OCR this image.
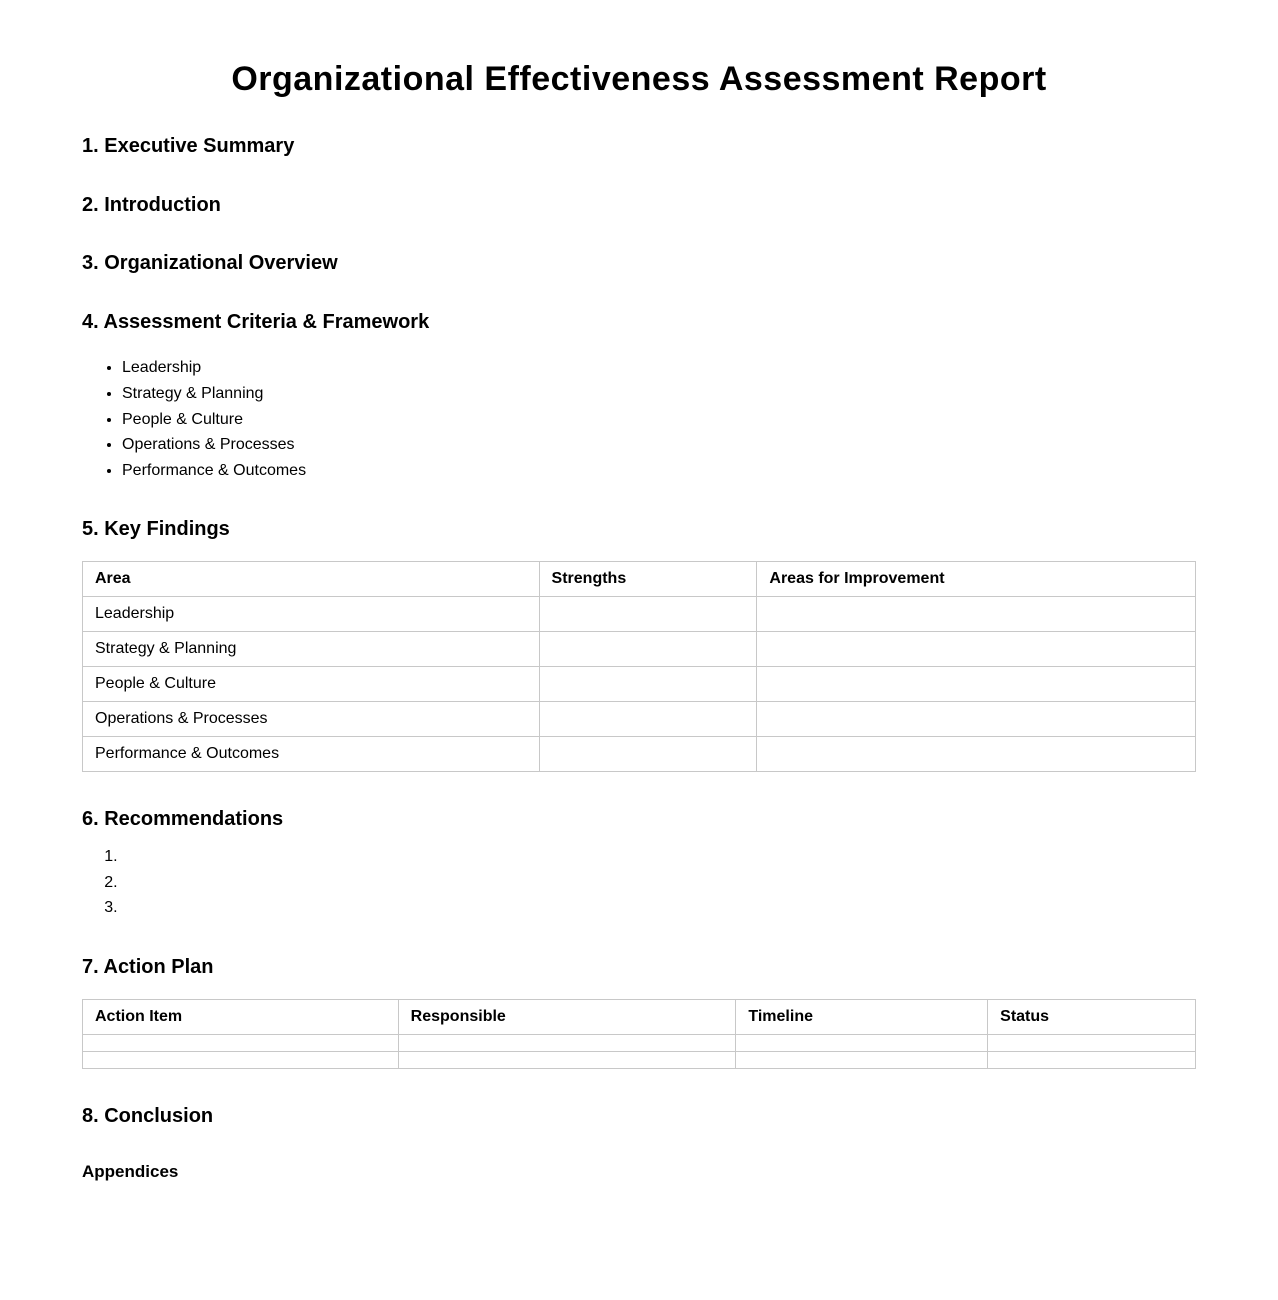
Organizational Effectiveness Assessment Report
1. Executive Summary
2. Introduction
3. Organizational Overview
4. Assessment Criteria & Framework
• Leadership
• Strategy & Planning
• People & Culture
• Operations & Processes
• Performance & Outcomes
5. Key Findings
Area	Strengths	Areas for Improvement
Leadership		
Strategy & Planning		
People & Culture		
Operations & Processes		
Performance & Outcomes		
6. Recommendations
7. Action Plan
Action Item	Responsible	Timeline	Status

8. Conclusion
Appendices
